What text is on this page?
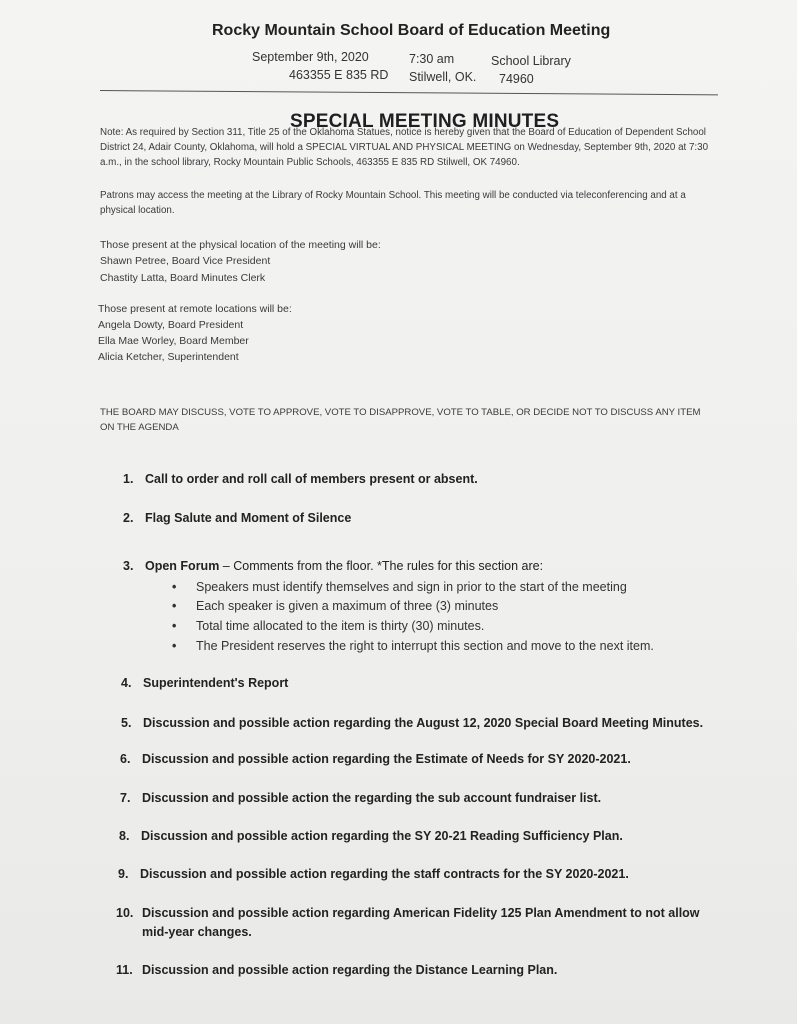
Rocky Mountain School Board of Education Meeting
September 9th, 2020	7:30 am	School Library
463355 E 835 RD Stilwell, OK. 74960
SPECIAL MEETING MINUTES
Note: As required by Section 311, Title 25 of the Oklahoma Statues, notice is hereby given that the Board of Education of Dependent School District 24, Adair County, Oklahoma, will hold a SPECIAL VIRTUAL AND PHYSICAL MEETING on Wednesday, September 9th, 2020 at 7:30 a.m., in the school library, Rocky Mountain Public Schools, 463355 E 835 RD Stilwell, OK 74960.
Patrons may access the meeting at the Library of Rocky Mountain School. This meeting will be conducted via teleconferencing and at a physical location.
Those present at the physical location of the meeting will be:
Shawn Petree, Board Vice President
Chastity Latta, Board Minutes Clerk
Those present at remote locations will be:
Angela Dowty, Board President
Ella Mae Worley, Board Member
Alicia Ketcher, Superintendent
THE BOARD MAY DISCUSS, VOTE TO APPROVE, VOTE TO DISAPPROVE, VOTE TO TABLE, OR DECIDE NOT TO DISCUSS ANY ITEM ON THE AGENDA
1. Call to order and roll call of members present or absent.
2. Flag Salute and Moment of Silence
3. Open Forum – Comments from the floor. *The rules for this section are:
• Speakers must identify themselves and sign in prior to the start of the meeting
• Each speaker is given a maximum of three (3) minutes
• Total time allocated to the item is thirty (30) minutes.
• The President reserves the right to interrupt this section and move to the next item.
4. Superintendent's Report
5. Discussion and possible action regarding the August 12, 2020 Special Board Meeting Minutes.
6. Discussion and possible action regarding the Estimate of Needs for SY 2020-2021.
7. Discussion and possible action the regarding the sub account fundraiser list.
8. Discussion and possible action regarding the SY 20-21 Reading Sufficiency Plan.
9. Discussion and possible action regarding the staff contracts for the SY 2020-2021.
10. Discussion and possible action regarding American Fidelity 125 Plan Amendment to not allow
mid-year changes.
11. Discussion and possible action regarding the Distance Learning Plan.
